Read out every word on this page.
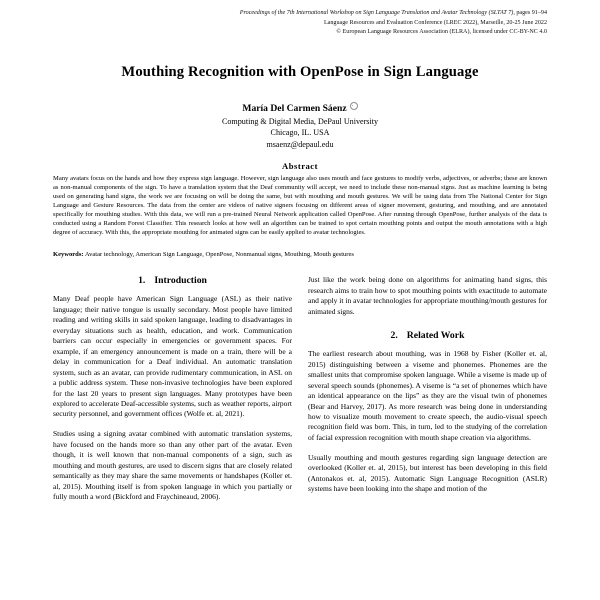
Proceedings of the 7th International Workshop on Sign Language Translation and Avatar Technology (SLTAT 7), pages 91–94
Language Resources and Evaluation Conference (LREC 2022), Marseille, 20-25 June 2022
© European Language Resources Association (ELRA), licensed under CC-BY-NC 4.0
Mouthing Recognition with OpenPose in Sign Language
María Del Carmen Sáenz
Computing & Digital Media, DePaul University
Chicago, IL. USA
msaenz@depaul.edu
Abstract
Many avatars focus on the hands and how they express sign language. However, sign language also uses mouth and face gestures to modify verbs, adjectives, or adverbs; these are known as non-manual components of the sign. To have a translation system that the Deaf community will accept, we need to include these non-manual signs. Just as machine learning is being used on generating hand signs, the work we are focusing on will be doing the same, but with mouthing and mouth gestures. We will be using data from The National Center for Sign Language and Gesture Resources. The data from the center are videos of native signers focusing on different areas of signer movement, gesturing, and mouthing, and are annotated specifically for mouthing studies. With this data, we will run a pre-trained Neural Network application called OpenPose. After running through OpenPose, further analysis of the data is conducted using a Random Forest Classifier. This research looks at how well an algorithm can be trained to spot certain mouthing points and output the mouth annotations with a high degree of accuracy. With this, the appropriate mouthing for animated signs can be easily applied to avatar technologies.
Keywords: Avatar technology, American Sign Language, OpenPose, Nonmanual signs, Mouthing, Mouth gestures
1. Introduction

Many Deaf people have American Sign Language (ASL) as their native language; their native tongue is usually secondary. Most people have limited reading and writing skills in said spoken language, leading to disadvantages in everyday situations such as health, education, and work. Communication barriers can occur especially in emergencies or government spaces. For example, if an emergency announcement is made on a train, there will be a delay in communication for a Deaf individual. An automatic translation system, such as an avatar, can provide rudimentary communication, in ASL on a public address system. These non-invasive technologies have been explored for the last 20 years to present sign languages. Many prototypes have been explored to accelerate Deaf-accessible systems, such as weather reports, airport security personnel, and government offices (Wolfe et. al, 2021).

Studies using a signing avatar combined with automatic translation systems, have focused on the hands more so than any other part of the avatar. Even though, it is well known that non-manual components of a sign, such as mouthing and mouth gestures, are used to discern signs that are closely related semantically as they may share the same movements or handshapes (Koller et. al, 2015). Mouthing itself is from spoken language in which you partially or fully mouth a word (Bickford and Fraychineaud, 2006).

Just like the work being done on algorithms for animating hand signs, this research aims to train how to spot mouthing points with exactitude to automate and apply it in avatar technologies for appropriate mouthing/mouth gestures for animated signs.

2. Related Work

The earliest research about mouthing, was in 1968 by Fisher (Koller et. al, 2015) distinguishing between a viseme and phonemes. Phonemes are the smallest units that compromise spoken language. While a viseme is made up of several speech sounds (phonemes). A viseme is “a set of phonemes which have an identical appearance on the lips” as they are the visual twin of phonemes (Bear and Harvey, 2017). As more research was being done in understanding how to visualize mouth movement to create speech, the audio-visual speech recognition field was born. This, in turn, led to the studying of the correlation of facial expression recognition with mouth shape creation via algorithms.

Usually mouthing and mouth gestures regarding sign language detection are overlooked (Koller et. al, 2015), but interest has been developing in this field (Antonakos et. al, 2015). Automatic Sign Language Recognition (ASLR) systems have been looking into the shape and motion of the
